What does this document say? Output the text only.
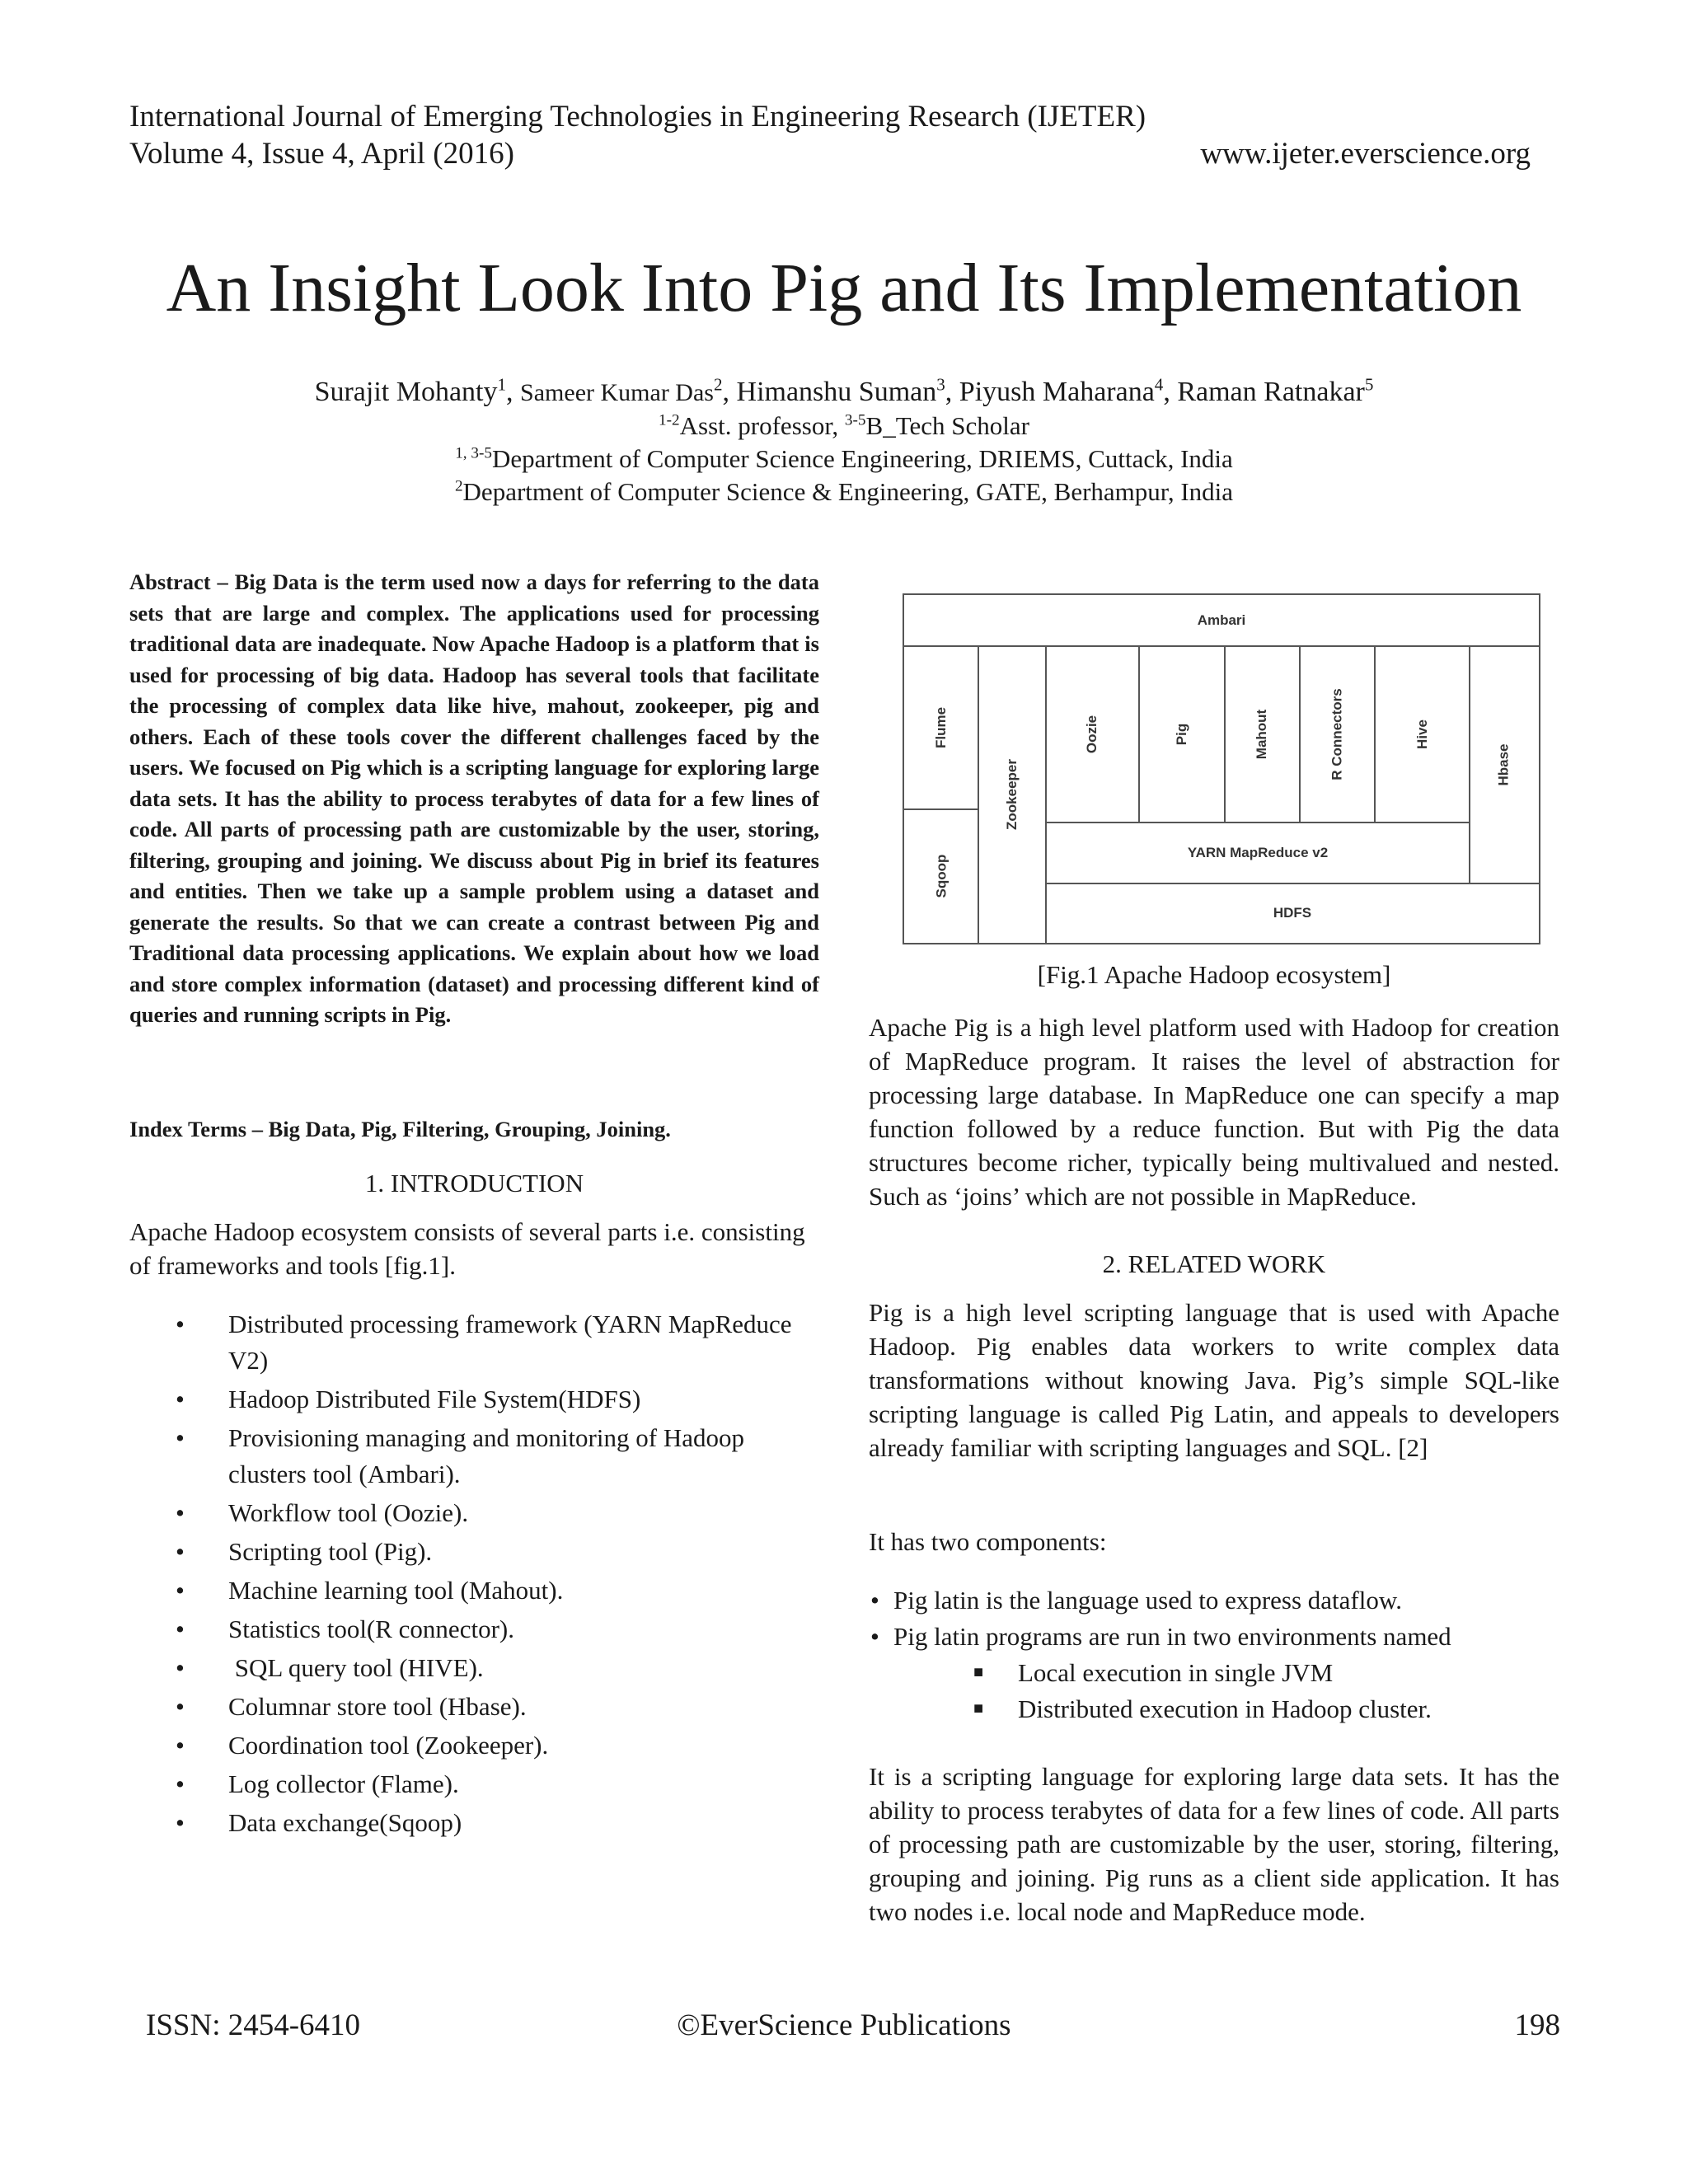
International Journal of Emerging Technologies in Engineering Research (IJETER)
Volume 4, Issue 4, April (2016)	www.ijeter.everscience.org
An Insight Look Into Pig and Its Implementation
Surajit Mohanty$^1$, Sameer Kumar Das$^2$, Himanshu Suman$^3$, Piyush Maharana$^4$, Raman Ratnakar$^5$
$^{1-2}$Asst. professor, $^{3-5}$B_Tech Scholar
$^{1, 3-5}$Department of Computer Science Engineering, DRIEMS, Cuttack, India
$^2$Department of Computer Science & Engineering, GATE, Berhampur, India
Abstract – Big Data is the term used now a days for referring to the data sets that are large and complex. The applications used for processing traditional data are inadequate. Now Apache Hadoop is a platform that is used for processing of big data. Hadoop has several tools that facilitate the processing of complex data like hive, mahout, zookeeper, pig and others. Each of these tools cover the different challenges faced by the users. We focused on Pig which is a scripting language for exploring large data sets. It has the ability to process terabytes of data for a few lines of code. All parts of processing path are customizable by the user, storing, filtering, grouping and joining. We discuss about Pig in brief its features and entities. Then we take up a sample problem using a dataset and generate the results. So that we can create a contrast between Pig and Traditional data processing applications. We explain about how we load and store complex information (dataset) and processing different kind of queries and running scripts in Pig.
Index Terms – Big Data, Pig, Filtering, Grouping, Joining.
1. INTRODUCTION
Apache Hadoop ecosystem consists of several parts i.e. consisting of frameworks and tools [fig.1].
• Distributed processing framework (YARN MapReduce V2)
• Hadoop Distributed File System(HDFS)
• Provisioning managing and monitoring of Hadoop clusters tool (Ambari).
• Workflow tool (Oozie).
• Scripting tool (Pig).
• Machine learning tool (Mahout).
• Statistics tool(R connector).
• SQL query tool (HIVE).
• Columnar store tool (Hbase).
• Coordination tool (Zookeeper).
• Log collector (Flame).
• Data exchange(Sqoop)
Ambari
Flume
Sqoop
Zookeeper
Oozie	Pig	Mahout	R Connectors	Hive
Hbase
YARN MapReduce v2
HDFS
[Fig.1 Apache Hadoop ecosystem]
Apache Pig is a high level platform used with Hadoop for creation of MapReduce program. It raises the level of abstraction for processing large database. In MapReduce one can specify a map function followed by a reduce function. But with Pig the data structures become richer, typically being multivalued and nested. Such as ‘joins’ which are not possible in MapReduce.
2. RELATED WORK
Pig is a high level scripting language that is used with Apache Hadoop. Pig enables data workers to write complex data transformations without knowing Java. Pig’s simple SQL-like scripting language is called Pig Latin, and appeals to developers already familiar with scripting languages and SQL. [2]
It has two components:
• Pig latin is the language used to express dataflow.
• Pig latin programs are run in two environments named
■ Local execution in single JVM
■ Distributed execution in Hadoop cluster.
It is a scripting language for exploring large data sets. It has the ability to process terabytes of data for a few lines of code. All parts of processing path are customizable by the user, storing, filtering, grouping and joining. Pig runs as a client side application. It has two nodes i.e. local node and MapReduce mode.
ISSN: 2454-6410	©EverScience Publications	198
